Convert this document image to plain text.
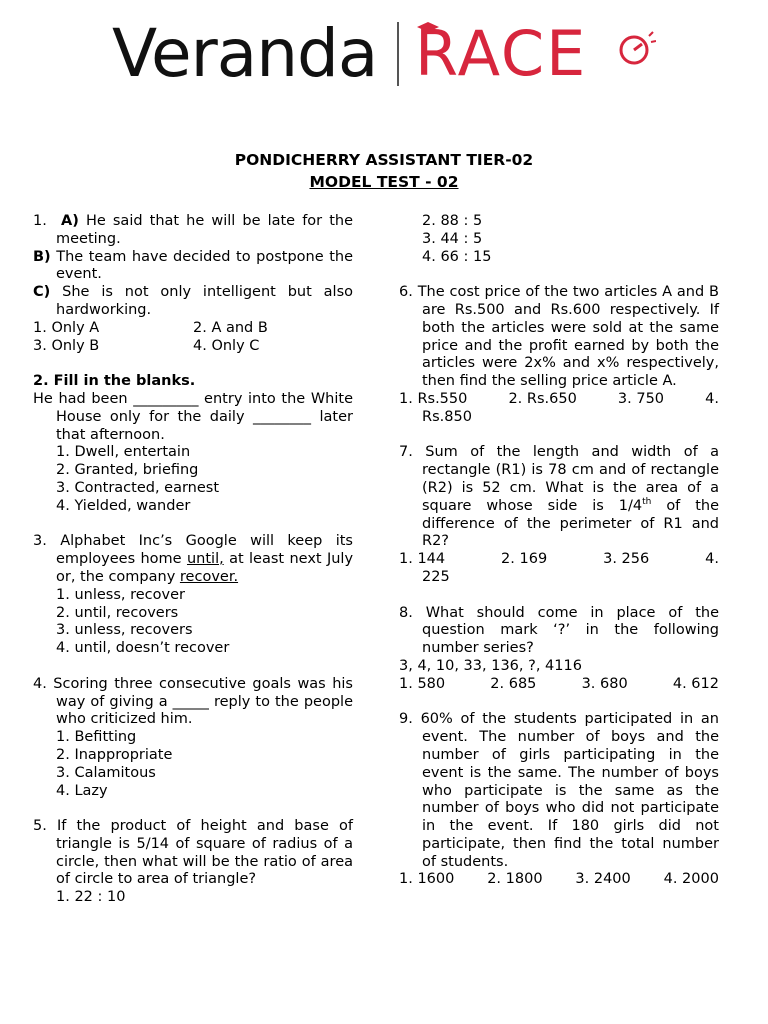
Veranda RACE
PONDICHERRY ASSISTANT TIER-02
MODEL TEST - 02

1. A) He said that he will be late for the meeting.

B) The team have decided to postpone the event.

C) She is not only intelligent but also hardworking.

1. Only A	2. A and B
3. Only B	4. Only C

2. Fill in the blanks.

He had been _________ entry into the White House only for the daily ________ later that afternoon.

1. Dwell, entertain
2. Granted, briefing
3. Contracted, earnest
4. Yielded, wander

3. Alphabet Inc’s Google will keep its employees home until, at least next July or, the company recover.

1. unless, recover
2. until, recovers
3. unless, recovers
4. until, doesn’t recover

4. Scoring three consecutive goals was his way of giving a _____ reply to the people who criticized him.

1. Befitting
2. Inappropriate
3. Calamitous
4. Lazy

5. If the product of height and base of triangle is 5/14 of square of radius of a circle, then what will be the ratio of area of circle to area of triangle?

1. 22 : 10
2. 88 : 5
3. 44 : 5
4. 66 : 15

6. The cost price of the two articles A and B are Rs.500 and Rs.600 respectively. If both the articles were sold at the same price and the profit earned by both the articles were 2x% and x% respectively, then find the selling price article A.

1. Rs.550	2. Rs.650	3. 750	4.
Rs.850

7. Sum of the length and width of a rectangle (R1) is 78 cm and of rectangle (R2) is 52 cm. What is the area of a square whose side is 1/4th of the difference of the perimeter of R1 and R2?

1. 144	2. 169	3. 256	4.
225

8. What should come in place of the question mark ‘?’ in the following number series?

3, 4, 10, 33, 136, ?, 4116
1. 580	2. 685	3. 680	4. 612

9. 60% of the students participated in an event. The number of boys and the number of girls participating in the event is the same. The number of boys who participate is the same as the number of boys who did not participate in the event. If 180 girls did not participate, then find the total number of students.

1. 1600 2. 1800 3. 2400 4. 2000
